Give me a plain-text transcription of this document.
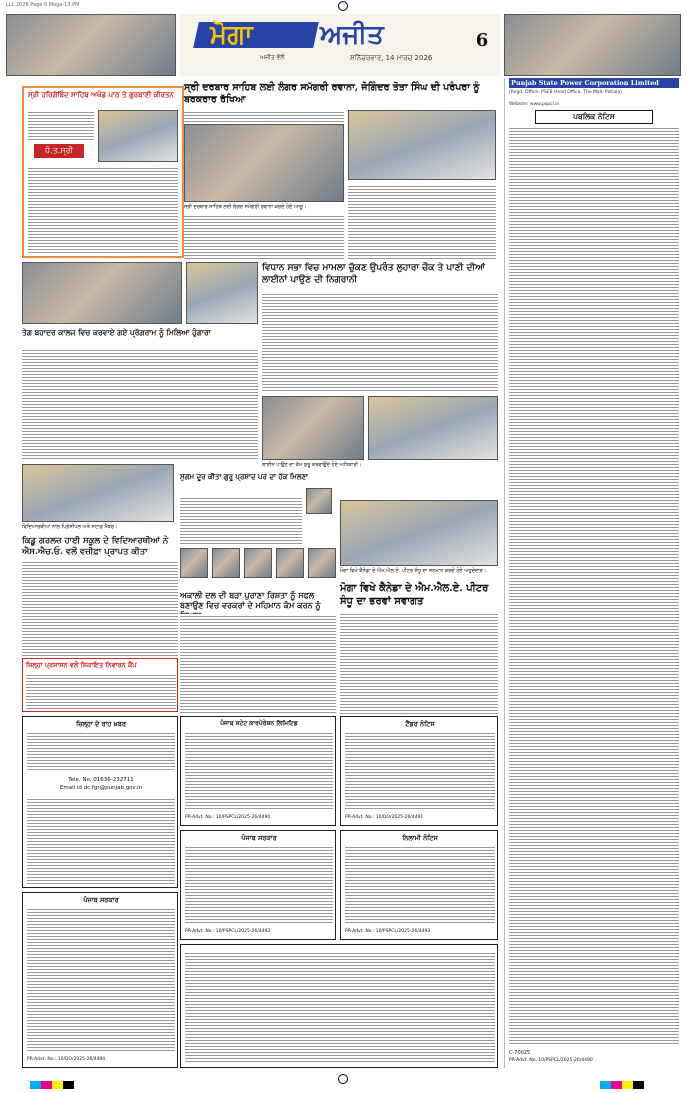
LLL 2026 Page 6 Moga-13 PM
ਮੋਗਾ	ਅਜੀਤ
ਅਜੀਤ ਵੱਲੋਂ	ਸ਼ਨਿੱਚਰਵਾਰ, 14 ਮਾਰਚ 2026
6
ਸ੍ਰੀ ਹਰਿਗੋਬਿੰਦ ਸਾਹਿਬ ਅਖੰਡ ਪਾਠ ਤੇ ਗੁਰਬਾਣੀ ਕੀਰਤਨ
ਧੰ.ਤ.ਸ੍ਰੀ
ਸ੍ਰੀ ਦਰਬਾਰ ਸਾਹਿਬ ਲਈ ਲੰਗਰ ਸਮੱਗਰੀ ਰਵਾਨਾ, ਜੋਗਿੰਦਰ ਤੋਤਾ ਸਿੰਘ ਦੀ ਪਰੰਪਰਾ ਨੂੰ ਬਰਕਰਾਰ ਰੱਖਿਆ
ਸ੍ਰੀ ਦਰਬਾਰ ਸਾਹਿਬ ਲਈ ਲੰਗਰ ਸਮੱਗਰੀ ਰਵਾਨਾ ਕਰਦੇ ਹੋਏ ਆਗੂ।
ਤੇਗ ਬਹਾਦਰ ਕਾਲਜ ਵਿਚ ਕਰਵਾਏ ਗਏ ਪ੍ਰੋਗਰਾਮ ਨੂੰ ਮਿਲਿਆ ਹੁੰਗਾਰਾ
ਵਿਧਾਨ ਸਭਾ ਵਿਚ ਮਾਮਲਾ ਚੁੱਕਣ ਉਪਰੰਤ ਲੁਹਾਰਾ ਚੌਕ ਤੇ ਪਾਣੀ ਦੀਆਂ ਲਾਈਨਾਂ ਪਾਉਣ ਦੀ ਨਿਗਰਾਨੀ
ਲਾਈਨ ਪਾਉਣ ਦਾ ਕੰਮ ਸ਼ੁਰੂ ਕਰਵਾਉਂਦੇ ਹੋਏ ਅਧਿਕਾਰੀ।
ਵਿਦਿਆਰਥੀਆਂ ਨਾਲ ਪ੍ਰਿੰਸੀਪਲ ਅਤੇ ਸਟਾਫ਼ ਮੈਂਬਰ।
ਕਿਡੂ ਗਰਲਜ਼ ਹਾਈ ਸਕੂਲ ਦੇ ਵਿਦਿਆਰਥੀਆਂ ਨੇ ਐਸ.ਐਚ.ਓ. ਵਲੋਂ ਵਜ਼ੀਫ਼ਾ ਪ੍ਰਾਪਤ ਕੀਤਾ
ਸੁਗਮ ਦੂਰ ਕੀਤਾ ਗੁਰੂ ਪ੍ਰਸ਼ਾਦ ਪਰ ਦਾ ਹੱਕ ਮਿਲਣਾ
ਅਕਾਲੀ ਦਲ ਦੀ ਬੜਾ ਪੁਰਾਣਾ ਰਿਸ਼ਤਾ ਨੂੰ ਸਫਲ ਬਣਾਉਣ ਵਿਚ ਵਰਕਰਾਂ ਦੇ ਮਹਿਮਾਨ ਕੰਮ ਕਰਨ ਨੂੰ
ਮੋਗਾ ਵਿਖੇ ਕੈਨੇਡਾ ਦੇ ਐਮ.ਐਲ.ਏ. ਪੀਟਰ ਸੰਧੂ ਦਾ ਸਨਮਾਨ ਕਰਦੇ ਹੋਏ ਅਹੁਦੇਦਾਰ।
ਮੋਗਾ ਵਿਖੇ ਕੈਨੇਡਾ ਦੇ ਐਮ.ਐਲ.ਏ. ਪੀਟਰ ਸੰਧੂ ਦਾ ਭਰਵਾਂ ਸਵਾਗਤ
ਜ਼ਿਲ੍ਹਾ ਪ੍ਰਸ਼ਾਸਨ ਵਲੋਂ ਸ਼ਿਕਾਇਤ ਨਿਵਾਰਨ ਕੈਂਪ
ਜ਼ਿਲ੍ਹਾ ਦੇ ਰਾਹ ਖ਼ਬਰ
Tele. No. 01636-232711
Email id dc.fgr@punjab.gov.in
ਪੰਜਾਬ ਸਟੇਟ ਕਾਰਪੋਰੇਸ਼ਨ ਲਿਮਿਟਿਡ
PR-Advt. No.: 10/PSPCL/2025-26/4490
ਟੈਂਡਰ ਨੋਟਿਸ
PR-Advt. No.: 10/DO/2025-26/4491
ਪੰਜਾਬ ਸਰਕਾਰ
PR-Advt. No.: 10/PSPCL/2025-26/4492
ਨਿਲਾਮੀ ਨੋਟਿਸ
PR-Advt. No.: 10/PSPCL/2025-26/4493
ਪੰਜਾਬ ਸਰਕਾਰ
PR-Advt. No.: 10/DO/2025-26/4494
Punjab State Power Corporation Limited
(Regd. Office: PSEB Head Office, The Mall, Patiala)
Website: www.pspcl.in
ਪਬਲਿਕ ਨੋਟਿਸ
C-70025
PR-Advt. No. 10/PSPCL/2025-26/4490
